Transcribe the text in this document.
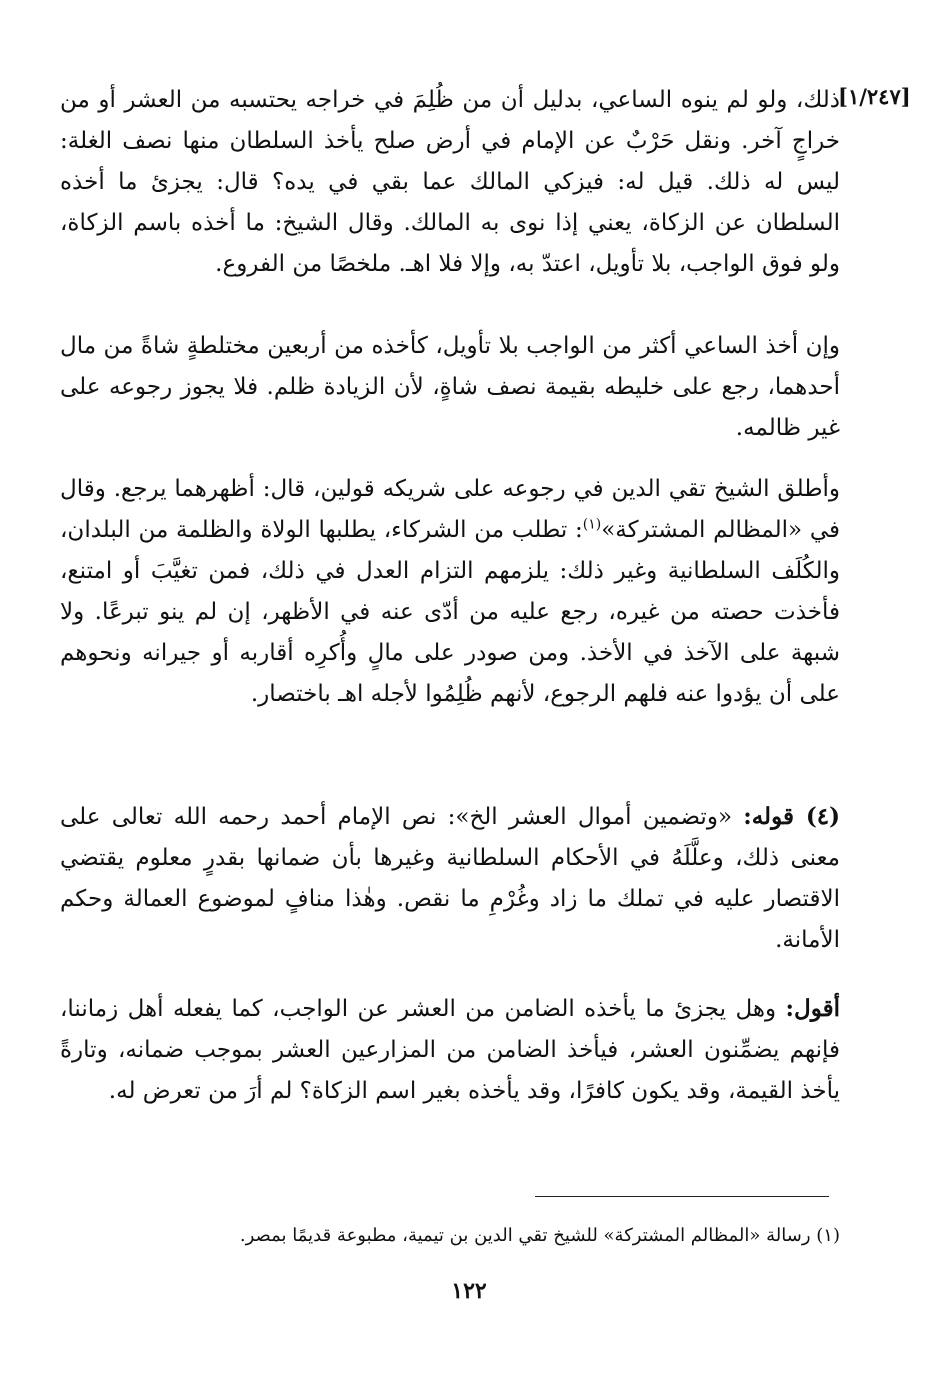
[١/٢٤٧]

ذلك، ولو لم ينوه الساعي، بدليل أن من ظُلِمَ في خراجه يحتسبه من العشر أو من خراجٍ آخر. ونقل حَرْبٌ عن الإمام في أرض صلح يأخذ السلطان منها نصف الغلة: ليس له ذلك. قيل له: فيزكي المالك عما بقي في يده؟ قال: يجزئ ما أخذه السلطان عن الزكاة، يعني إذا نوى به المالك. وقال الشيخ: ما أخذه باسم الزكاة، ولو فوق الواجب، بلا تأويل، اعتدّ به، وإلا فلا اهـ. ملخصًا من الفروع.

وإن أخذ الساعي أكثر من الواجب بلا تأويل، كأخذه من أربعين مختلطةٍ شاةً من مال أحدهما، رجع على خليطه بقيمة نصف شاةٍ، لأن الزيادة ظلم. فلا يجوز رجوعه على غير ظالمه.

وأطلق الشيخ تقي الدين في رجوعه على شريكه قولين، قال: أظهرهما يرجع. وقال في «المظالم المشتركة»$^{(١)}$: تطلب من الشركاء، يطلبها الولاة والظلمة من البلدان، والكُلَف السلطانية وغير ذلك: يلزمهم التزام العدل في ذلك، فمن تغيَّبَ أو امتنع، فأخذت حصته من غيره، رجع عليه من أدّى عنه في الأظهر، إن لم ينو تبرعًا. ولا شبهة على الآخذ في الأخذ. ومن صودر على مالٍ وأُكرِه أقاربه أو جيرانه ونحوهم على أن يؤدوا عنه فلهم الرجوع، لأنهم ظُلِمُوا لأجله اهـ باختصار.

(٤) قوله: «وتضمين أموال العشر الخ»: نص الإمام أحمد رحمه الله تعالى على معنى ذلك، وعلَّلَهُ في الأحكام السلطانية وغيرها بأن ضمانها بقدرٍ معلوم يقتضي الاقتصار عليه في تملك ما زاد وغُرْمِ ما نقص. وهٰذا منافٍ لموضوع العمالة وحكم الأمانة.

أقول: وهل يجزئ ما يأخذه الضامن من العشر عن الواجب، كما يفعله أهل زماننا، فإنهم يضمِّنون العشر، فيأخذ الضامن من المزارعين العشر بموجب ضمانه، وتارةً يأخذ القيمة، وقد يكون كافرًا، وقد يأخذه بغير اسم الزكاة؟ لم أرَ من تعرض له.

(١) رسالة «المظالم المشتركة» للشيخ تقي الدين بن تيمية، مطبوعة قديمًا بمصر.

١٢٢
